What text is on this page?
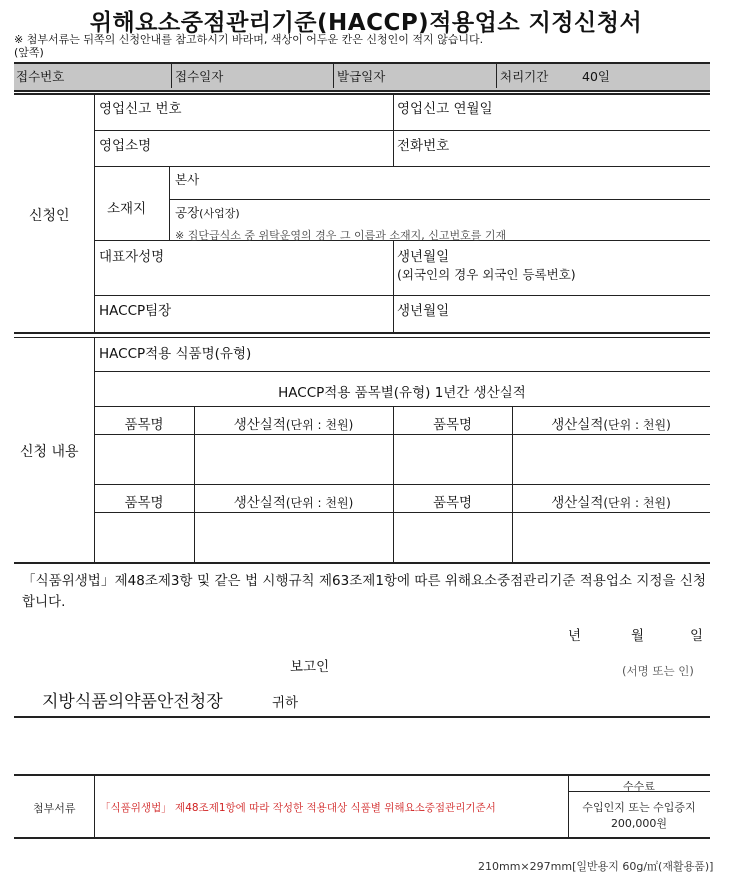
위해요소중점관리기준(HACCP)적용업소 지정신청서
※ 첨부서류는 뒤쪽의 신청안내를 참고하시기 바라며, 색상이 어두운 칸은 신청인이 적지 않습니다.
(앞쪽)
접수번호	접수일자	발급일자	처리기간	40일
신청인
영업신고 번호	영업신고 연월일
영업소명	전화번호
소재지
본사
공장(사업장)
※ 집단급식소 중 위탁운영의 경우 그 이름과 소재지, 신고번호를 기재
대표자성명	생년월일
(외국인의 경우 외국인 등록번호)
HACCP팀장	생년월일
신청 내용
HACCP적용 식품명(유형)
HACCP적용 품목별(유형) 1년간 생산실적
품목명	생산실적(단위 : 천원)	품목명	생산실적(단위 : 천원)
품목명	생산실적(단위 : 천원)	품목명	생산실적(단위 : 천원)
「식품위생법」제48조제3항 및 같은 법 시행규칙 제63조제1항에 따른 위해요소중점관리기준 적용업소 지정을 신청합니다.
년	월	일
보고인	(서명 또는 인)
지방식품의약품안전청장	귀하
첨부서류 「식품위생법」 제48조제1항에 따라 작성한 적용대상 식품별 위해요소중점관리기준서
수수료
수입인지 또는 수입증지
200,000원
210mm×297mm[일반용지 60g/㎡(재활용품)]
